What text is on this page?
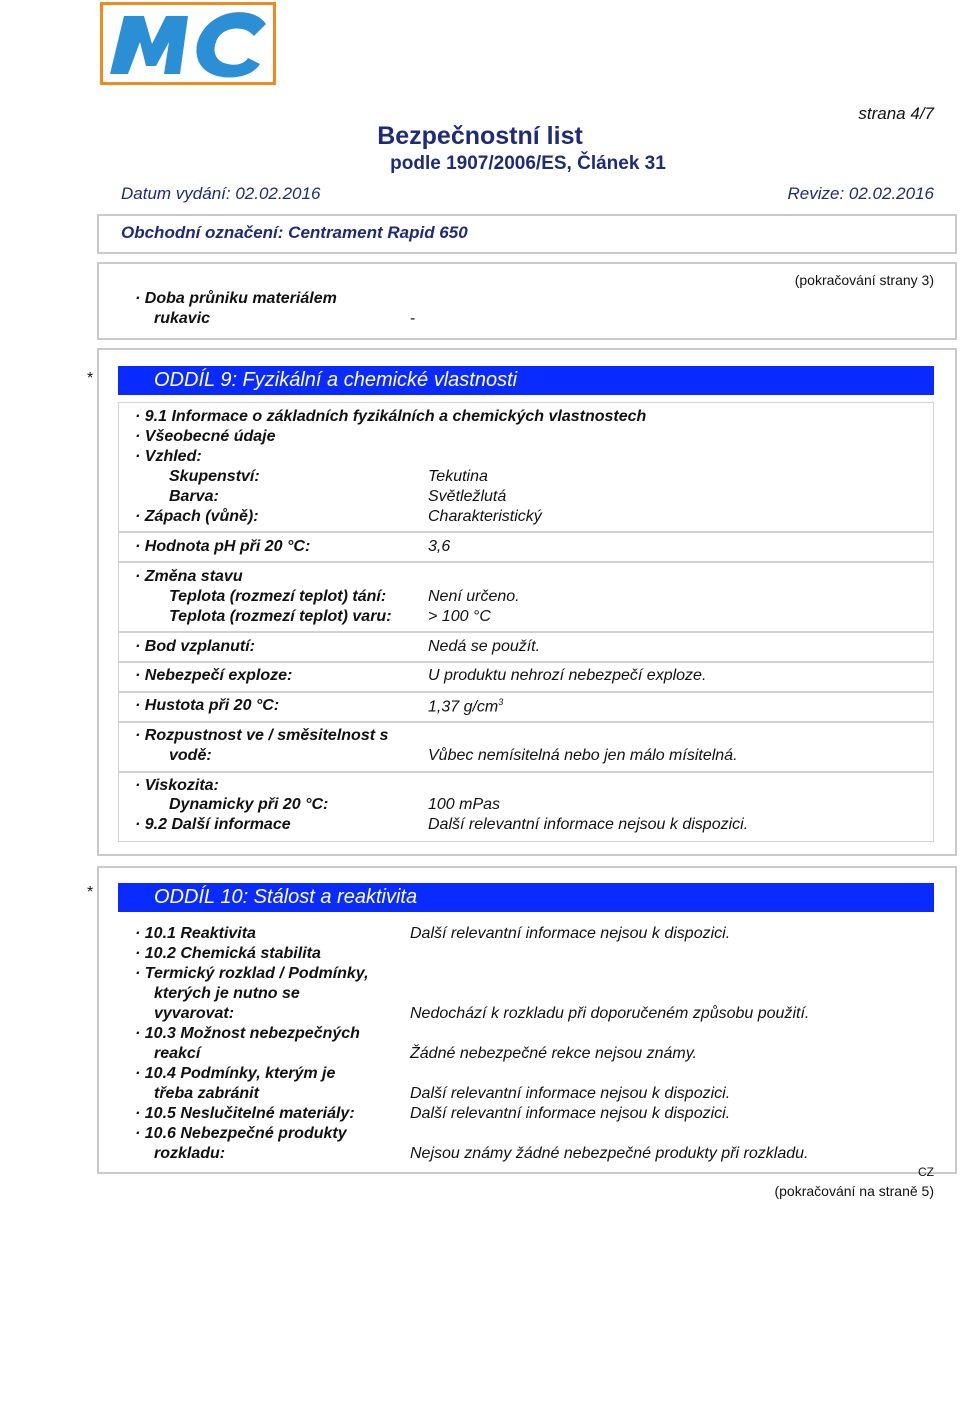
strana 4/7
Bezpečnostní list
podle 1907/2006/ES, Článek 31
Datum vydání: 02.02.2016	Revize: 02.02.2016
Obchodní označení: Centrament Rapid 650
(pokračování strany 3)
· Doba průniku materiálem
rukavic	-
*	ODDÍL 9: Fyzikální a chemické vlastnosti
· 9.1 Informace o základních fyzikálních a chemických vlastnostech
· Všeobecné údaje
· Vzhled:
Skupenství:	Tekutina
Barva:	Světležlutá
· Zápach (vůně):	Charakteristický
· Hodnota pH při 20 °C:	3,6
· Změna stavu
Teplota (rozmezí teplot) tání:	Není určeno.
Teplota (rozmezí teplot) varu: > 100 °C
· Bod vzplanutí:	Nedá se použít.
· Nebezpečí exploze:	U produktu nehrozí nebezpečí exploze.
· Hustota při 20 °C:	1,37 $g/cm^3$
· Rozpustnost ve / směsitelnost s
vodě:	Vůbec nemísitelná nebo jen málo mísitelná.
· Viskozita:
Dynamicky při 20 °C:	100 mPas
· 9.2 Další informace	Další relevantní informace nejsou k dispozici.
*	ODDÍL 10: Stálost a reaktivita
· 10.1 Reaktivita	Další relevantní informace nejsou k dispozici.
· 10.2 Chemická stabilita
· Termický rozklad / Podmínky,
kterých je nutno se
vyvarovat:	Nedochází k rozkladu při doporučeném způsobu použití.
· 10.3 Možnost nebezpečných
reakcí	Žádné nebezpečné rekce nejsou známy.
· 10.4 Podmínky, kterým je
třeba zabránit	Další relevantní informace nejsou k dispozici.
· 10.5 Neslučitelné materiály:	Další relevantní informace nejsou k dispozici.
· 10.6 Nebezpečné produkty
rozkladu:	Nejsou známy žádné nebezpečné produkty při rozkladu.
CZ
(pokračování na straně 5)
